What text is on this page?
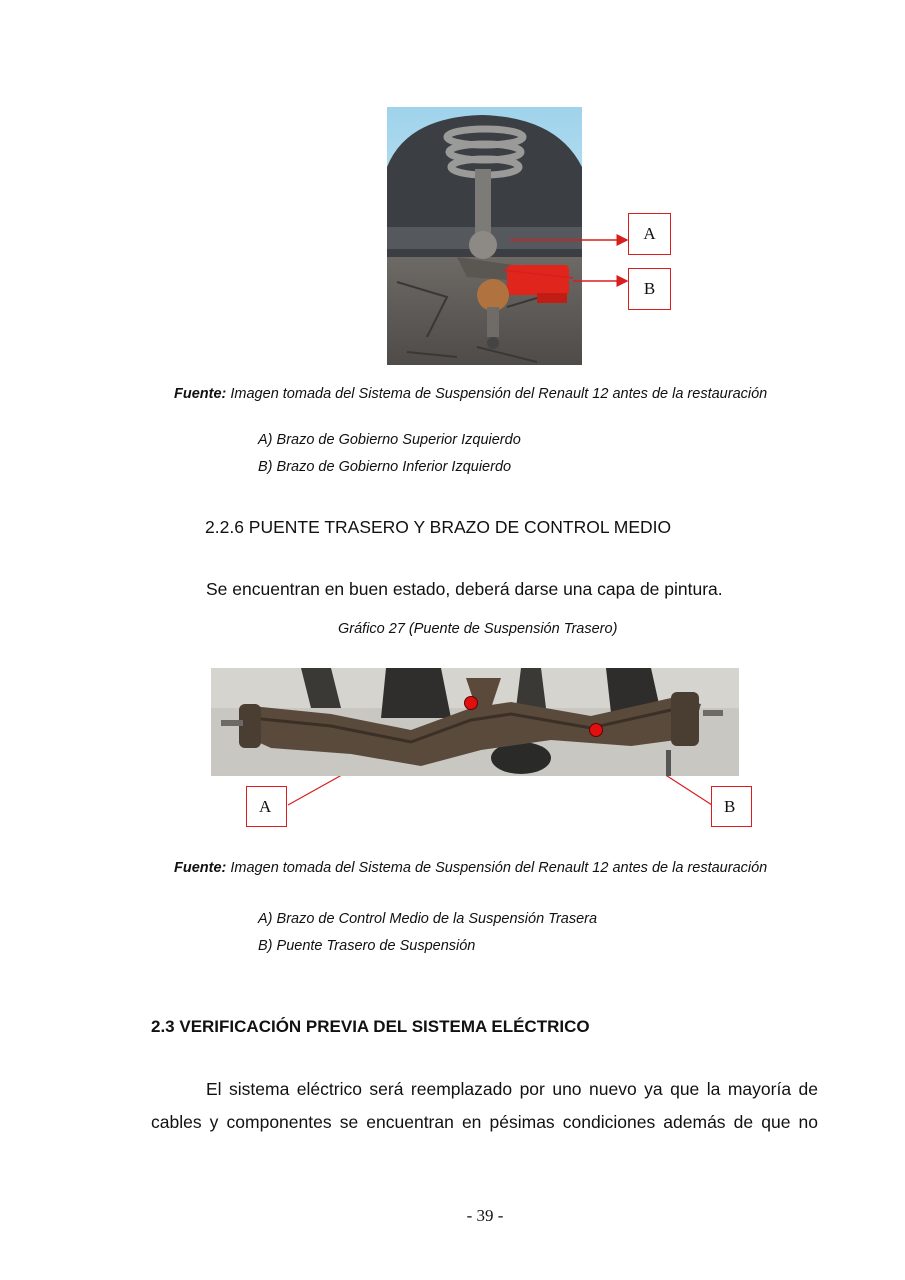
A
B
Fuente: Imagen tomada del Sistema de Suspensión del Renault 12 antes de la restauración
A) Brazo de Gobierno Superior Izquierdo
B) Brazo de Gobierno Inferior Izquierdo
2.2.6 PUENTE TRASERO Y BRAZO DE CONTROL MEDIO
Se encuentran en buen estado, deberá darse una capa de pintura.
Gráfico 27 (Puente de Suspensión Trasero)
A	B
Fuente: Imagen tomada del Sistema de Suspensión del Renault 12 antes de la restauración
A) Brazo de Control Medio de la Suspensión Trasera
B) Puente Trasero de Suspensión
2.3 VERIFICACIÓN PREVIA DEL SISTEMA ELÉCTRICO
El sistema eléctrico será reemplazado por uno nuevo ya que la mayoría de
cables y componentes se encuentran en pésimas condiciones además de que no
- 39 -
